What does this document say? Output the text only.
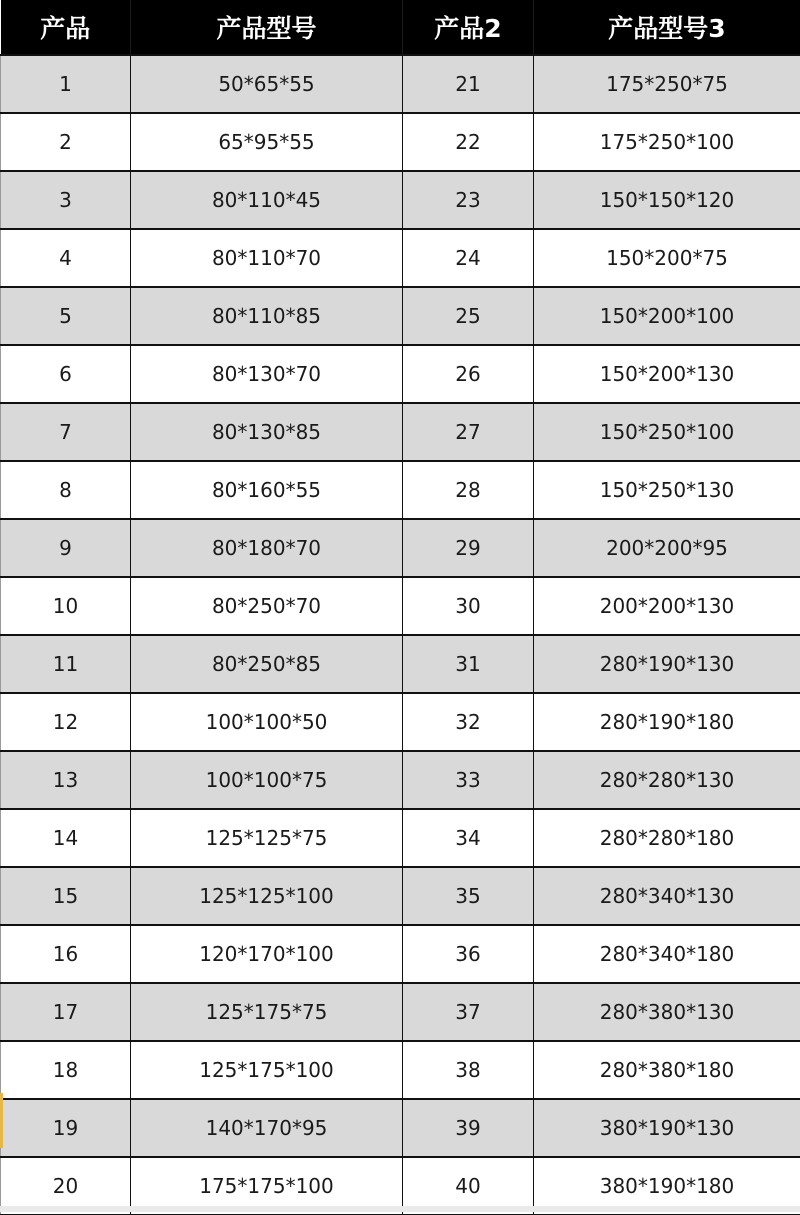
产品	产品型号	产品2	产品型号3
1	50*65*55	21	175*250*75
2	65*95*55	22	175*250*100
3	80*110*45	23	150*150*120
4	80*110*70	24	150*200*75
5	80*110*85	25	150*200*100
6	80*130*70	26	150*200*130
7	80*130*85	27	150*250*100
8	80*160*55	28	150*250*130
9	80*180*70	29	200*200*95
10	80*250*70	30	200*200*130
11	80*250*85	31	280*190*130
12	100*100*50	32	280*190*180
13	100*100*75	33	280*280*130
14	125*125*75	34	280*280*180
15	125*125*100	35	280*340*130
16	120*170*100	36	280*340*180
17	125*175*75	37	280*380*130
18	125*175*100	38	280*380*180
19	140*170*95	39	380*190*130
20	175*175*100	40	380*190*180
